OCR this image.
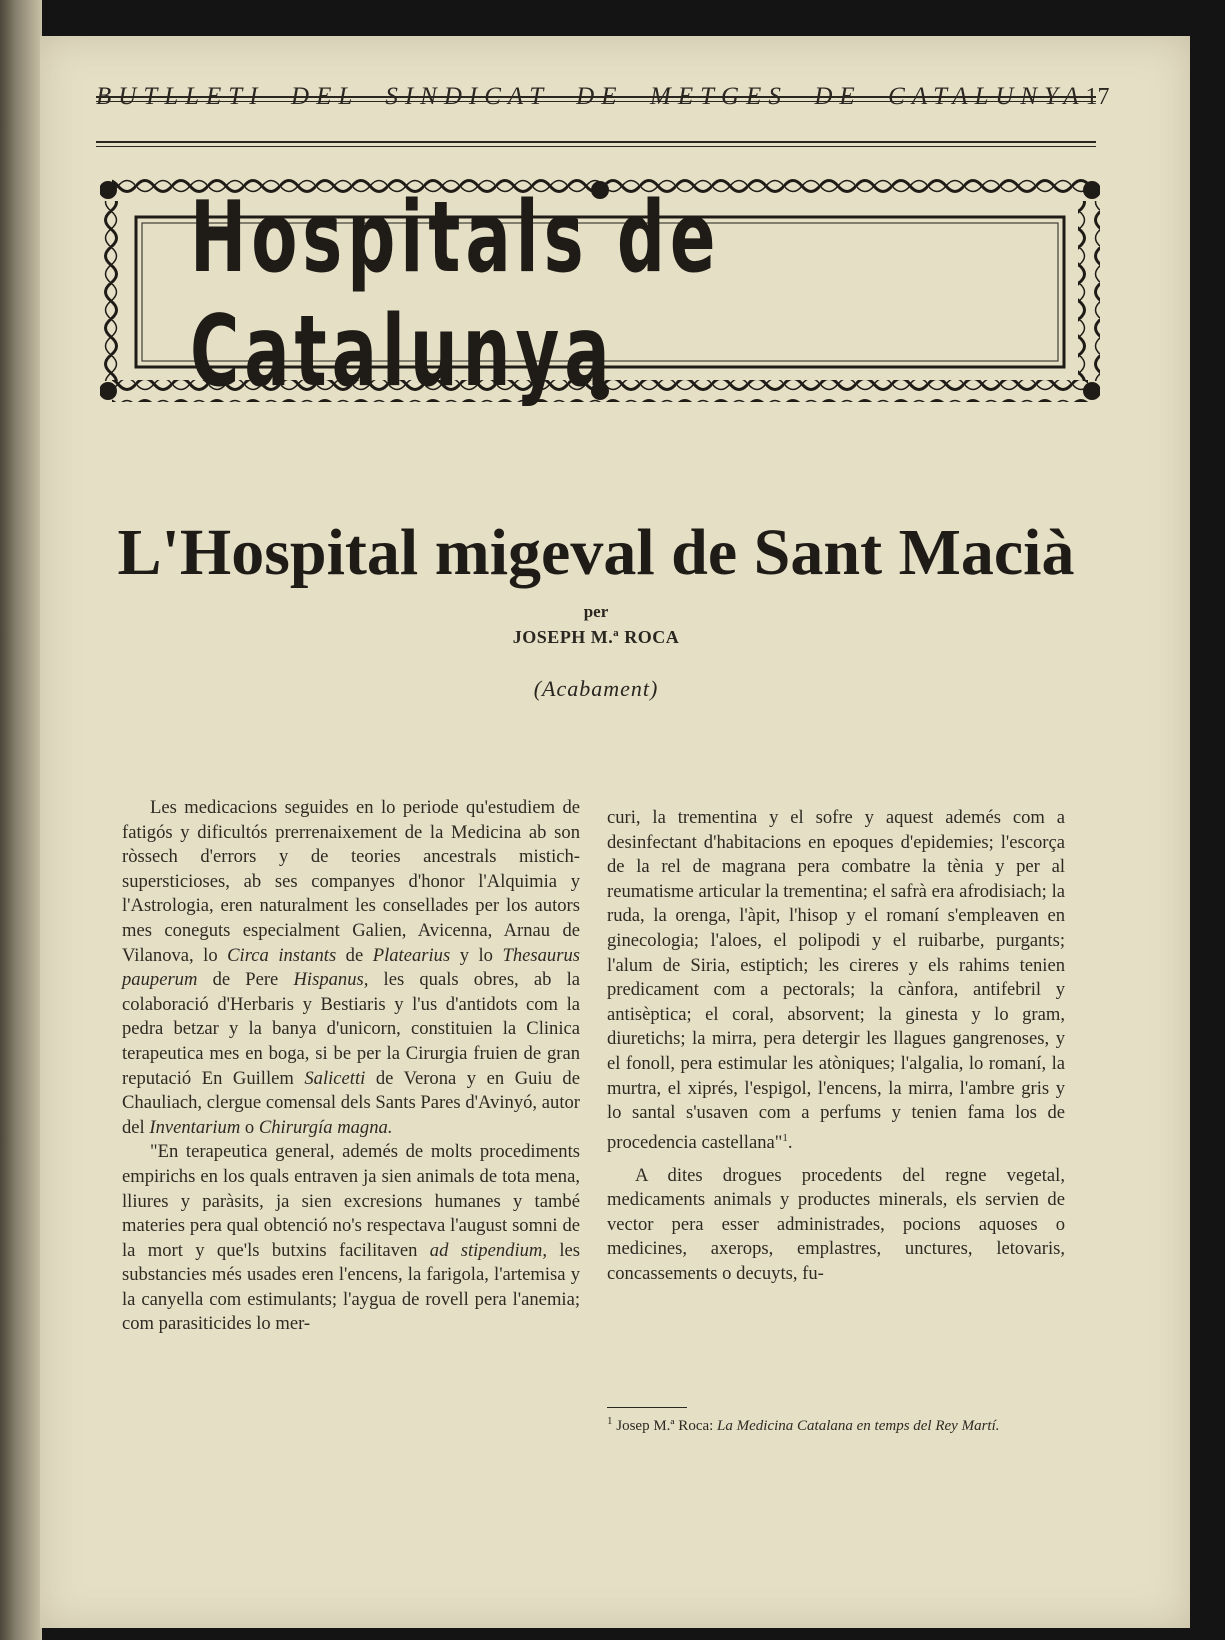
BUTLLETI  DEL  SINDICAT  DE  METGES  DE  CATALUNYA 17
Hospitals de Catalunya
L'Hospital migeval de Sant Macià
per
JOSEPH M.ª ROCA
(Acabament)

Les medicacions seguides en lo periode qu'estudiem de fatigós y dificultós prerrenaixement de la Medicina ab son ròssech d'errors y de teories ancestrals mistich-supersticioses, ab ses companyes d'honor l'Alquimia y l'Astrologia, eren naturalment les consellades per los autors mes coneguts especialment Galien, Avicenna, Arnau de Vilanova, lo Circa instants de Platearius y lo Thesaurus pauperum de Pere Hispanus, les quals obres, ab la colaboració d'Herbaris y Bestiaris y l'us d'antidots com la pedra betzar y la banya d'unicorn, constituien la Clinica terapeutica mes en boga, si be per la Cirurgia fruien de gran reputació En Guillem Salicetti de Verona y en Guiu de Chauliach, clergue comensal dels Sants Pares d'Avinyó, autor del Inventarium o Chirurgía magna.

"En terapeutica general, ademés de molts procediments empirichs en los quals entraven ja sien animals de tota mena, lliures y paràsits, ja sien excresions humanes y també materies pera qual obtenció no's respectava l'august somni de la mort y que'ls butxins facilitaven ad stipendium, les substancies més usades eren l'encens, la farigola, l'artemisa y la canyella com estimulants; l'aygua de rovell pera l'anemia; com parasiticides lo mer-

curi, la trementina y el sofre y aquest ademés com a desinfectant d'habitacions en epoques d'epidemies; l'escorça de la rel de magrana pera combatre la tènia y per al reumatisme articular la trementina; el safrà era afrodisiach; la ruda, la orenga, l'àpit, l'hisop y el romaní s'empleaven en ginecologia; l'aloes, el polipodi y el ruibarbe, purgants; l'alum de Siria, estiptich; les cireres y els rahims tenien predicament com a pectorals; la cànfora, antifebril y antisèptica; el coral, absorvent; la ginesta y lo gram, diuretichs; la mirra, pera detergir les llagues gangrenoses, y el fonoll, pera estimular les atòniques; l'algalia, lo romaní, la murtra, el xiprés, l'espigol, l'encens, la mirra, l'ambre gris y lo santal s'usaven com a perfums y tenien fama los de procedencia castellana"$^1$.

A dites drogues procedents del regne vegetal, medicaments animals y productes minerals, els servien de vector pera esser administrades, pocions aquoses o medicines, axerops, emplastres, unctures, letovaris, concassements o decuyts, fu-

$^1$ Josep M.ª Roca: La Medicina Catalana en temps del Rey Martí.
